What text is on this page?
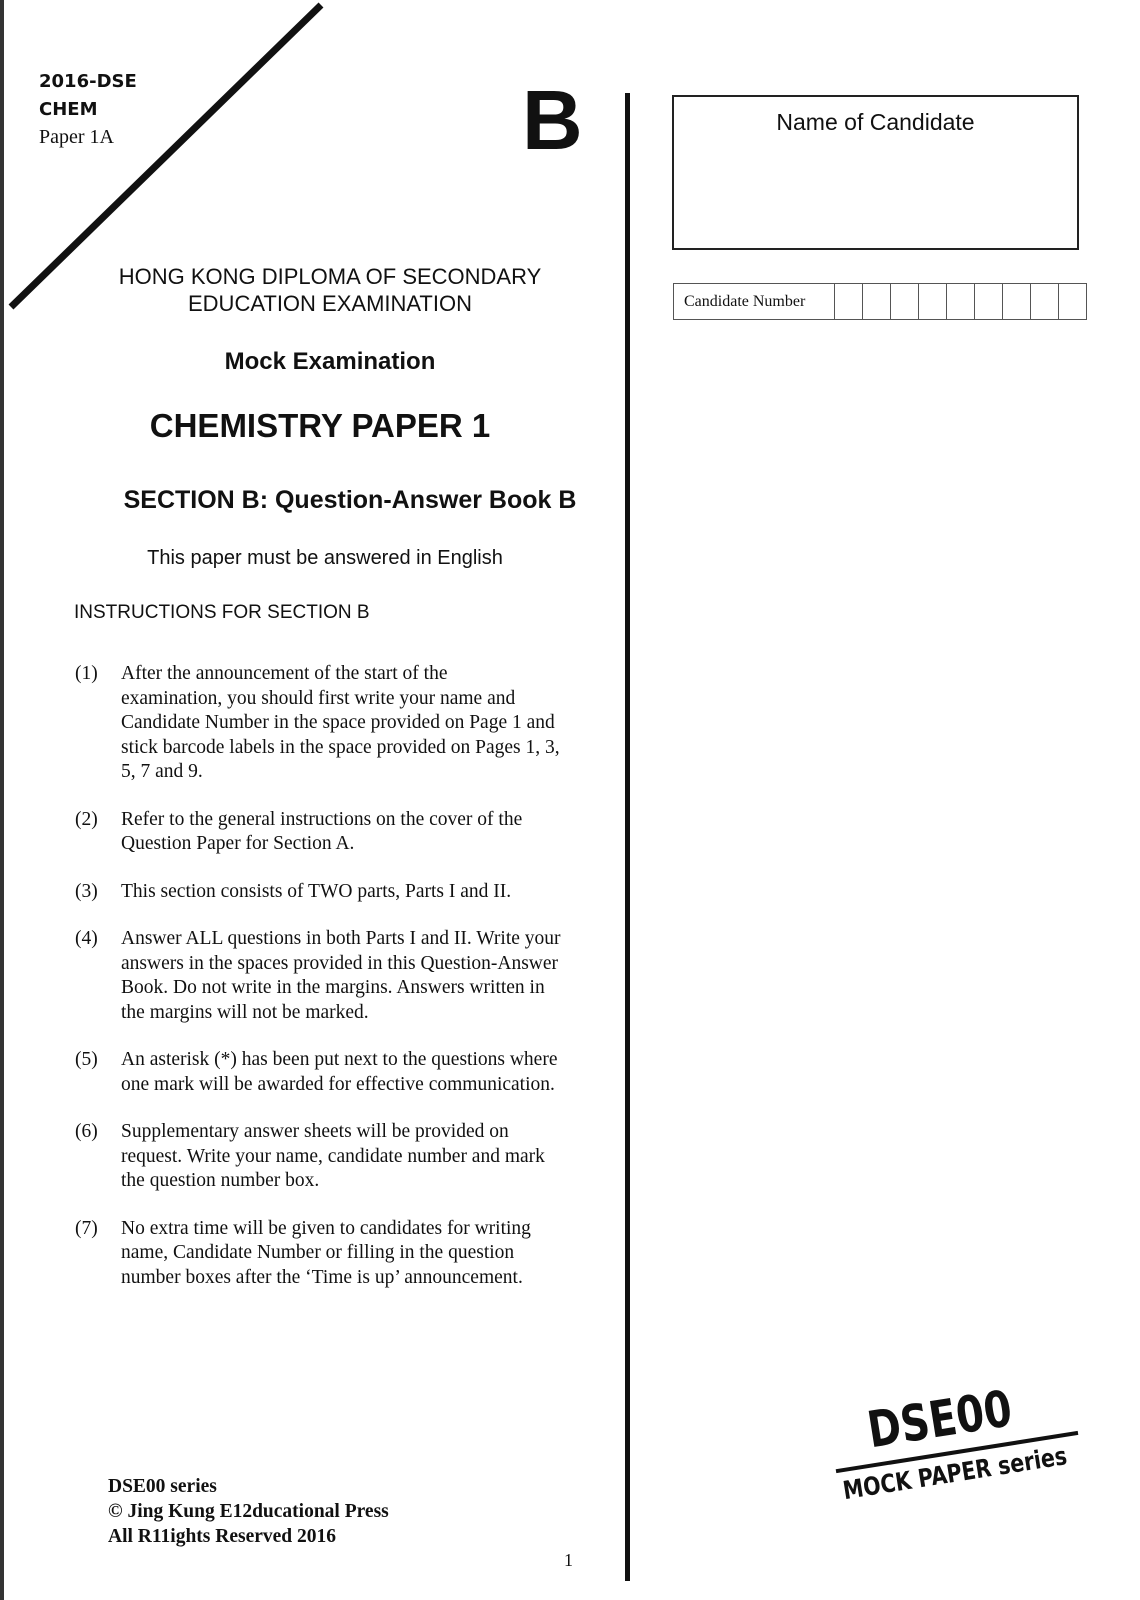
2016-DSE
CHEM
Paper 1A	B
HONG KONG DIPLOMA OF SECONDARY
EDUCATION EXAMINATION
Mock Examination
CHEMISTRY PAPER 1
SECTION B: Question-Answer Book B
This paper must be answered in English
INSTRUCTIONS FOR SECTION B
(1)	After the announcement of the start of the
examination, you should first write your name and
Candidate Number in the space provided on Page 1 and
stick barcode labels in the space provided on Pages 1, 3,
5, 7 and 9.
(2)	Refer to the general instructions on the cover of the
Question Paper for Section A.
(3)	This section consists of TWO parts, Parts I and II.
(4)	Answer ALL questions in both Parts I and II. Write your
answers in the spaces provided in this Question-Answer
Book. Do not write in the margins. Answers written in
the margins will not be marked.
(5)	An asterisk (*) has been put next to the questions where
one mark will be awarded for effective communication.
(6)	Supplementary answer sheets will be provided on
request. Write your name, candidate number and mark
the question number box.
(7)	No extra time will be given to candidates for writing
name, Candidate Number or filling in the question
number boxes after the ‘Time is up’ announcement.
Name of Candidate
Candidate Number
DSE00 series
© Jing Kung E12ducational Press
All R11ights Reserved 2016
1
DSE00
MOCK PAPER series
